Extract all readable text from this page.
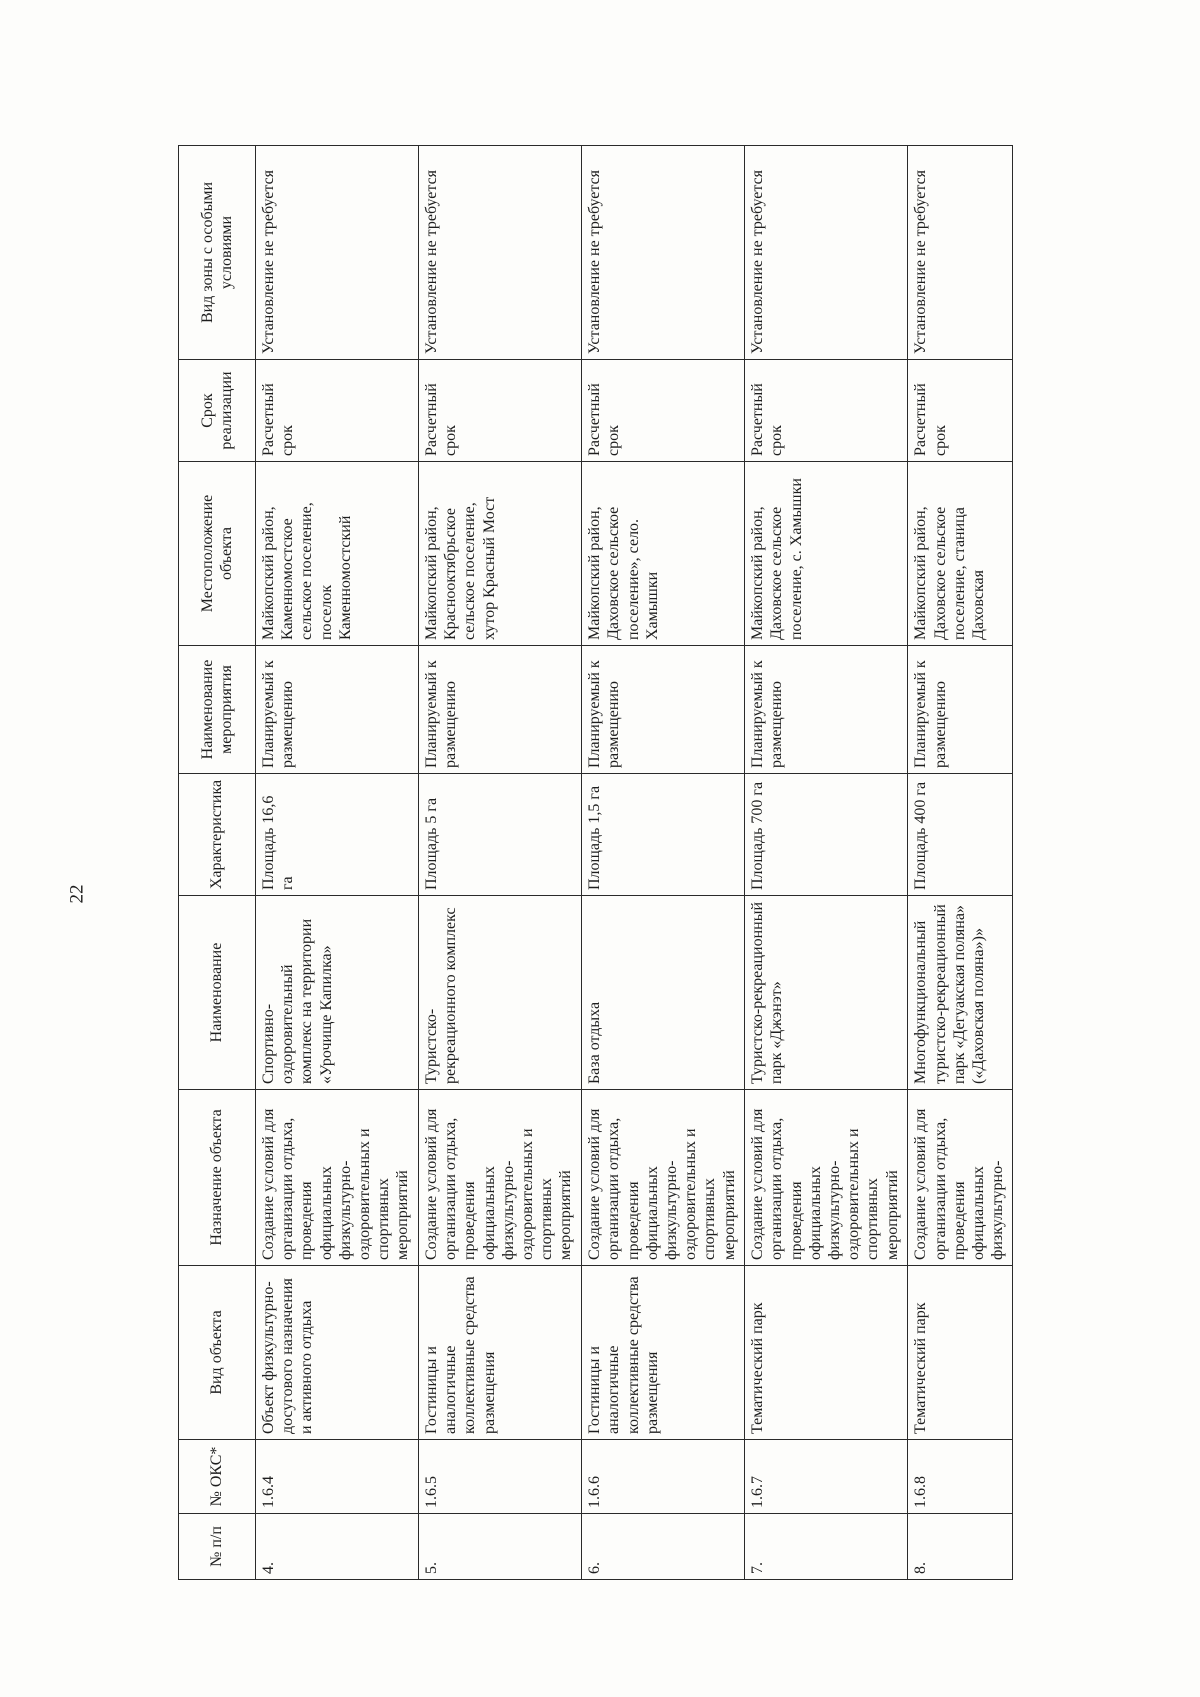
22
№ п/п	№ ОКС*	Вид объекта	Назначение объекта	Наименование	Характеристика	Наименование мероприятия	Местоположение объекта	Срок реализации	Вид зоны с особыми условиями
4.	1.6.4	Объект физкультурно-досугового назначения и активного отдыха	Создание условий для организации отдыха, проведения официальных физкультурно-оздоровительных и спортивных мероприятий	Спортивно-оздоровительный комплекс на территории «Урочище Капилка»	Площадь 16,6 га	Планируемый к размещению	Майкопский район, Каменномостское сельское поселение, поселок Каменномостский	Расчетный срок	Установление не требуется
5.	1.6.5	Гостиницы и аналогичные коллективные средства размещения	Создание условий для организации отдыха, проведения официальных физкультурно-оздоровительных и спортивных мероприятий	Туристско-рекреационного комплекс	Площадь 5 га	Планируемый к размещению	Майкопский район, Краснооктябрьское сельское поселение, хутор Красный Мост	Расчетный срок	Установление не требуется
6.	1.6.6	Гостиницы и аналогичные коллективные средства размещения	Создание условий для организации отдыха, проведения официальных физкультурно-оздоровительных и спортивных мероприятий	База отдыха	Площадь 1,5 га	Планируемый к размещению	Майкопский район, Даховское сельское поселение», село. Хамышки	Расчетный срок	Установление не требуется
7.	1.6.7	Тематический парк	Создание условий для организации отдыха, проведения официальных физкультурно-оздоровительных и спортивных мероприятий	Туристско-рекреационный парк «Джэнэт»	Площадь 700 га	Планируемый к размещению	Майкопский район, Даховское сельское поселение, с. Хамышки	Расчетный срок	Установление не требуется
8.	1.6.8	Тематический парк	Создание условий для организации отдыха, проведения официальных физкультурно-	Многофункциональный туристско-рекреационный парк «Дегуакская поляна» («Даховская поляна»)»	Площадь 400 га	Планируемый к размещению	Майкопский район, Даховское сельское поселение, станица Даховская	Расчетный срок	Установление не требуется
